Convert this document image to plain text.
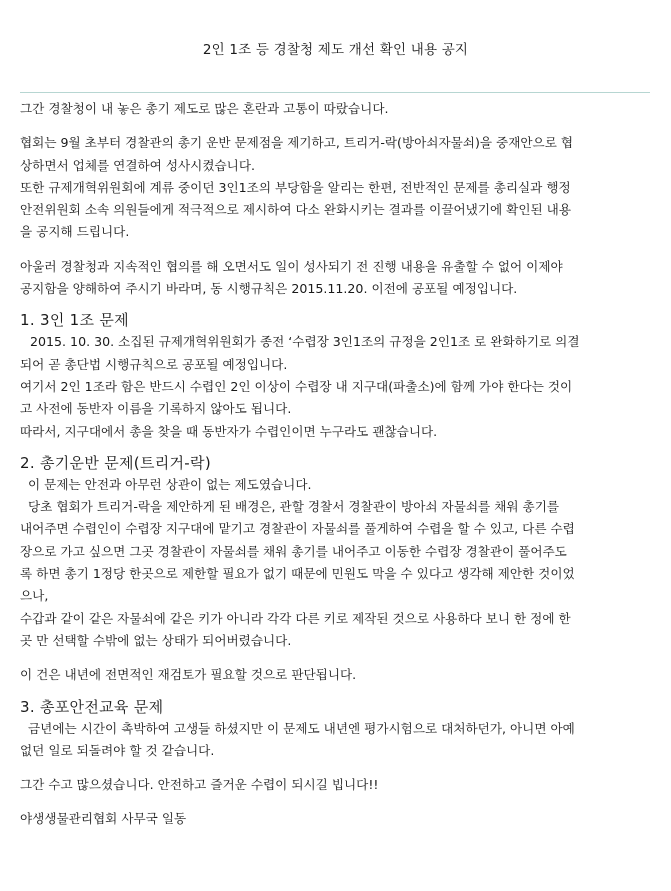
2인 1조 등 경찰청 제도 개선 확인 내용 공지

그간 경찰청이 내 놓은 총기 제도로 많은 혼란과 고통이 따랐습니다.

협회는 9월 초부터 경찰관의 총기 운반 문제점을 제기하고, 트리거-락(방아쇠자물쇠)을 중재안으로 협

상하면서 업체를 연결하여 성사시켰습니다.

또한 규제개혁위원회에 계류 중이던 3인1조의 부당함을 알리는 한편, 전반적인 문제를 총리실과 행정

안전위원회 소속 의원들에게 적극적으로 제시하여 다소 완화시키는 결과를 이끌어냈기에 확인된 내용

을 공지해 드립니다.

아울러 경찰청과 지속적인 협의를 해 오면서도 일이 성사되기 전 진행 내용을 유출할 수 없어 이제야

공지함을 양해하여 주시기 바라며, 동 시행규칙은 2015.11.20. 이전에 공포될 예정입니다.

1. 3인 1조 문제

2015. 10. 30. 소집된 규제개혁위원회가 종전 ‘수렵장 3인1조의 규정을 2인1조 로 완화하기로 의결

되어 곧 총단법 시행규칙으로 공포될 예정입니다.

여기서 2인 1조라 함은 반드시 수렵인 2인 이상이 수렵장 내 지구대(파출소)에 함께 가야 한다는 것이

고 사전에 동반자 이름을 기록하지 않아도 됩니다.

따라서, 지구대에서 총을 찾을 때 동반자가 수렵인이면 누구라도 괜찮습니다.

2. 총기운반 문제(트리거-락)

이 문제는 안전과 아무런 상관이 없는 제도였습니다.

당초 협회가 트리거-락을 제안하게 된 배경은, 관할 경찰서 경찰관이 방아쇠 자물쇠를 채워 총기를

내어주면 수렵인이 수렵장 지구대에 맡기고 경찰관이 자물쇠를 풀게하여 수렵을 할 수 있고, 다른 수렵

장으로 가고 싶으면 그곳 경찰관이 자물쇠를 채워 총기를 내어주고 이동한 수렵장 경찰관이 풀어주도

록 하면 총기 1정당 한곳으로 제한할 필요가 없기 때문에 민원도 막을 수 있다고 생각해 제안한 것이었

으나,

수갑과 같이 같은 자물쇠에 같은 키가 아니라 각각 다른 키로 제작된 것으로 사용하다 보니 한 정에 한

곳 만 선택할 수밖에 없는 상태가 되어버렸습니다.

이 건은 내년에 전면적인 재검토가 필요할 것으로 판단됩니다.

3. 총포안전교육 문제

금년에는 시간이 촉박하여 고생들 하셨지만 이 문제도 내년엔 평가시험으로 대처하던가, 아니면 아예

없던 일로 되돌려야 할 것 같습니다.

그간 수고 많으셨습니다. 안전하고 즐거운 수렵이 되시길 빕니다!!

야생생물관리협회 사무국 일동
